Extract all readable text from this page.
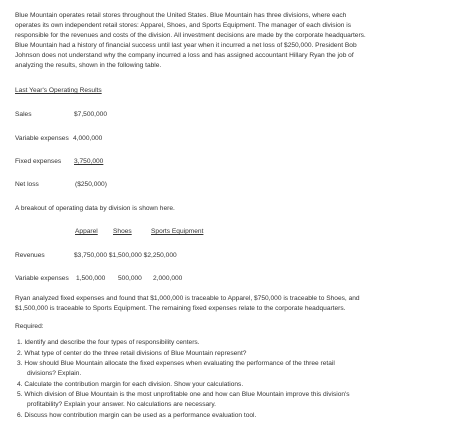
Blue Mountain operates retail stores throughout the United States. Blue Mountain has three divisions, where each
operates its own independent retail stores: Apparel, Shoes, and Sports Equipment. The manager of each division is
responsible for the revenues and costs of the division. All investment decisions are made by the corporate headquarters.
Blue Mountain had a history of financial success until last year when it incurred a net loss of $250,000. President Bob
Johnson does not understand why the company incurred a loss and has assigned accountant Hillary Ryan the job of
analyzing the results, shown in the following table.
Last Year's Operating Results
Sales	$7,500,000
Variable expenses 4,000,000
Fixed expenses 3,750,000
Net loss	($250,000)
A breakout of operating data by division is shown here.
Apparel Shoes	Sports Equipment
Revenues	$3,750,000 $1,500,000 $2,250,000
Variable expenses 1,500,000 500,000 2,000,000
Ryan analyzed fixed expenses and found that $1,000,000 is traceable to Apparel, $750,000 is traceable to Shoes, and
$1,500,000 is traceable to Sports Equipment. The remaining fixed expenses relate to the corporate headquarters.
Required:
1. Identify and describe the four types of responsibility centers.
2. What type of center do the three retail divisions of Blue Mountain represent?
3. How should Blue Mountain allocate the fixed expenses when evaluating the performance of the three retail
divisions? Explain.
4. Calculate the contribution margin for each division. Show your calculations.
5. Which division of Blue Mountain is the most unprofitable one and how can Blue Mountain improve this division's
profitability? Explain your answer. No calculations are necessary.
6. Discuss how contribution margin can be used as a performance evaluation tool.
